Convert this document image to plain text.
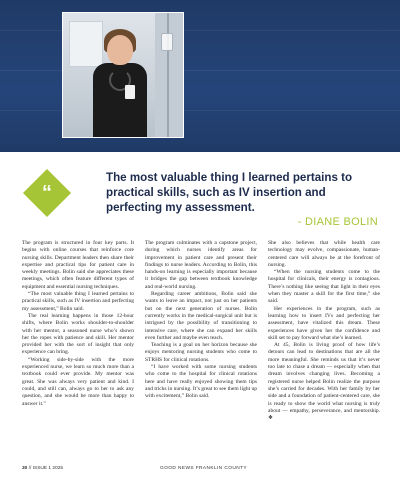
“
The most valuable thing I learned pertains to practical skills, such as IV insertion and perfecting my assessment.
- DIANE BOLIN

The program is structured in four key parts. It begins with online courses that reinforce core nursing skills. Department leaders then share their expertise and practical tips for patient care in weekly meetings. Bolin said she appreciates these meetings, which often feature different types of equipment and essential nursing techniques.

“The most valuable thing I learned pertains to practical skills, such as IV insertion and perfecting my assessment,” Bolin said.

The real learning happens in those 12-hour shifts, where Bolin works shoulder-to-shoulder with her mentor, a seasoned nurse who’s shown her the ropes with patience and skill. Her mentor provided her with the sort of insight that only experience can bring.

“Working side-by-side with the more experienced nurse, we learn so much more than a textbook could ever provide. My mentor was great. She was always very patient and kind. I could, and still can, always go to her to ask any question, and she would be more than happy to answer it.”

The program culminates with a capstone project, during which nurses identify areas for improvement in patient care and present their findings to nurse leaders. According to Bolin, this hands-on learning is especially important because it bridges the gap between textbook knowledge and real-world nursing.

Regarding career ambitions, Bolin said she wants to leave an impact, not just on her patients but on the next generation of nurses. Bolin currently works in the medical-surgical unit but is intrigued by the possibility of transitioning to intensive care, where she can expand her skills even further and maybe even teach.

Teaching is a goal on her horizon because she enjoys mentoring nursing students who come to STRHS for clinical rotations.

“I have worked with some nursing students who come to the hospital for clinical rotations here and have really enjoyed showing them tips and tricks in nursing. It’s great to see them light up with excitement,” Bolin said.

She also believes that while health care technology may evolve, compassionate, human-centered care will always be at the forefront of nursing.

“When the nursing students come to the hospital for clinicals, their energy is contagious. There’s nothing like seeing that light in their eyes when they master a skill for the first time,” she said.

Her experiences in the program, such as learning how to insert IVs and perfecting her assessment, have vitalized this dream. These experiences have given her the confidence and skill set to pay forward what she’s learned.

At 45, Bolin is living proof of how life’s detours can lead to destinations that are all the more meaningful. She reminds us that it’s never too late to chase a dream — especially when that dream involves changing lives. Becoming a registered nurse helped Bolin realize the purpose she’s carried for decades. With her family by her side and a foundation of patient-centered care, she is ready to show the world what nursing is truly about — empathy, perseverance, and mentorship. ❖

30 // ISSUE 1 2025	GOOD NEWS FRANKLIN COUNTY
